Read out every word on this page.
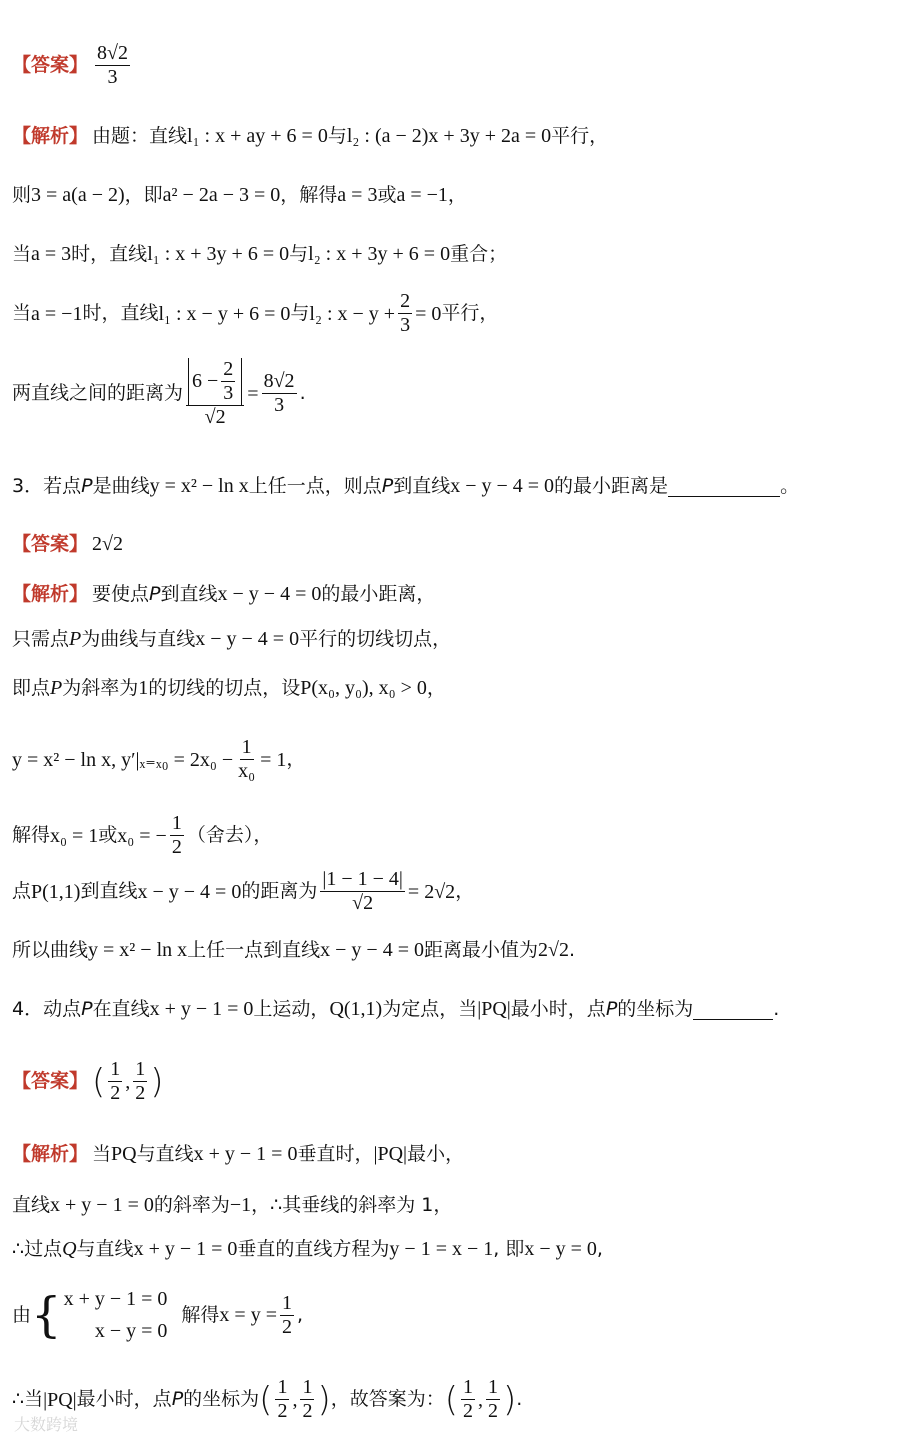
【答案】 $\frac{8√2}{3}$
【解析】 由题：直线 l₁ : x + ay + 6 = 0 与 l₂ : (a − 2)x + 3y + 2a = 0 平行，
则 3 = a(a − 2) ，即 a² − 2a − 3 = 0 ，解得 a = 3 或 a = −1 ，
当 a = 3 时，直线 l₁ : x + 3y + 6 = 0 与 l₂ : x + 3y + 6 = 0 重合；
当 a = −1 时，直线 l₁ : x − y + 6 = 0 与 l₂ : $x - y + \frac{2}{3} = 0$ 平行，
两直线之间的距离为 $\frac{6 - \frac{2}{3}}{√2} = \frac{8√2}{3}$ .
3．若点 P 是曲线 y = x² − ln x 上任一点，则点 P 到直线 x − y − 4 = 0 的最小距离是	。
【答案】 2√2
【解析】 要使点 P 到直线 x − y − 4 = 0 的最小距离，
只需点 P 为曲线与直线 x − y − 4 = 0 平行的切线切点，
即点 P 为斜率为 1 的切线的切点，设 P(x₀, y₀), x₀ > 0 ，
y = x² − ln x, $y'|_{x=x0} = 2x_0 - \frac{1}{\text{x₀}} = 1$ ，
解得 x₀ = 1 或 x₀ = − $\frac{1}{2}$ （舍去），
点 P(1,1) 到直线 x − y − 4 = 0 的距离为 $\frac{|1 - 1 - 4|}{√2} = 2√2$ ，
所以曲线 y = x² − ln x 上任一点到直线 x − y − 4 = 0 距离最小值为 2√2 .
4．动点 P 在直线 x + y − 1 = 0 上运动， Q(1,1) 为定点，当 |PQ| 最小时，点 P 的坐标为	.
【答案】 ( $\frac{1}{2}$ , $\frac{1}{2}$ )
【解析】 当 PQ 与直线 x + y − 1 = 0 垂直时， |PQ| 最小，
直线 x + y − 1 = 0 的斜率为 −1 ，∴其垂线的斜率为 1，
∴过点 Q 与直线 x + y − 1 = 0 垂直的直线方程为 y − 1 = x − 1 , 即 x − y = 0 ,
由 { x + y − 1 = 0
x − y = 0
解得 $x = y = \frac{1}{2}$ ,
∴当 |PQ| 最小时，点 P 的坐标为 ( $\frac{1}{2}$ , $\frac{1}{2}$ ) ，故答案为： ( $\frac{1}{2}$ , $\frac{1}{2}$ ) .
大数跨境
